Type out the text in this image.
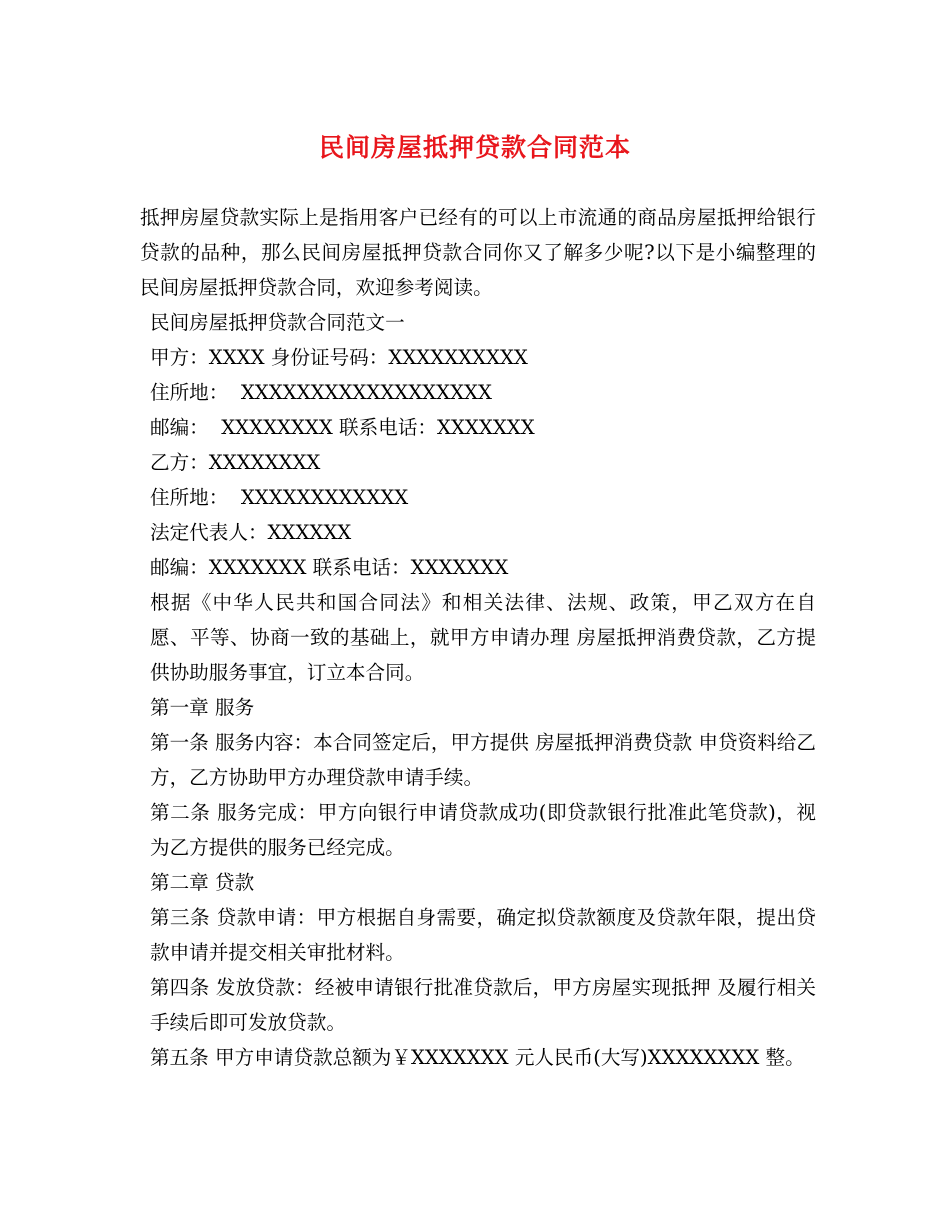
民间房屋抵押贷款合同范本

抵押房屋贷款实际上是指用客户已经有的可以上市流通的商品房屋抵押给银行贷款的品种，那么民间房屋抵押贷款合同你又了解多少呢?以下是小编整理的民间房屋抵押贷款合同，欢迎参考阅读。

民间房屋抵押贷款合同范文一

甲方：XXXX 身份证号码：XXXXXXXXXX

住所地：  XXXXXXXXXXXXXXXXXX

邮编：  XXXXXXXX 联系电话：XXXXXXX

乙方：XXXXXXXX

住所地：  XXXXXXXXXXXX

法定代表人：XXXXXX

邮编：XXXXXXX 联系电话：XXXXXXX

根据《中华人民共和国合同法》和相关法律、法规、政策，甲乙双方在自愿、平等、协商一致的基础上，就甲方申请办理 房屋抵押消费贷款，乙方提供协助服务事宜，订立本合同。

第一章 服务

第一条 服务内容：本合同签定后，甲方提供 房屋抵押消费贷款 申贷资料给乙方，乙方协助甲方办理贷款申请手续。

第二条 服务完成：甲方向银行申请贷款成功(即贷款银行批准此笔贷款)，视为乙方提供的服务已经完成。

第二章 贷款

第三条 贷款申请：甲方根据自身需要，确定拟贷款额度及贷款年限，提出贷款申请并提交相关审批材料。

第四条 发放贷款：经被申请银行批准贷款后，甲方房屋实现抵押 及履行相关手续后即可发放贷款。

第五条 甲方申请贷款总额为￥XXXXXXX 元人民币(大写)XXXXXXXX 整。
